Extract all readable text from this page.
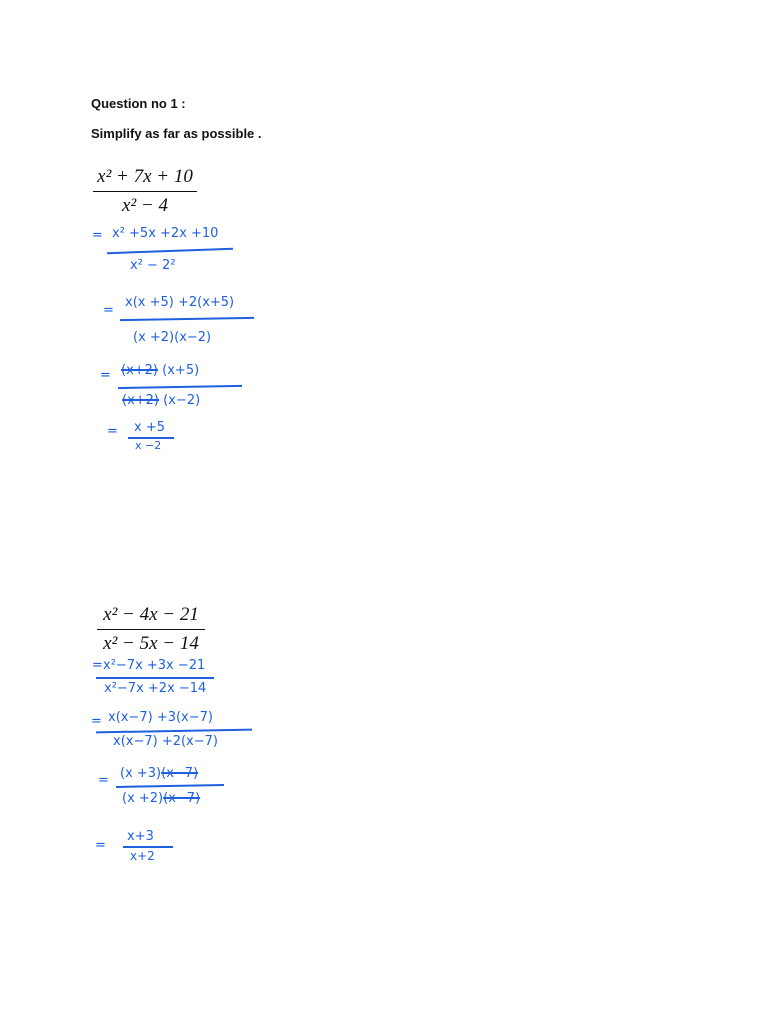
Question no 1 :
Simplify as far as possible .
x² + 7x + 10
x² − 4
= x² +5x +2x +10
x² − 2²
=
x(x +5) +2(x+5)
(x +2)(x−2)
= (x+2) (x+5)
(x+2) (x−2)
= x +5
x −2
x² − 4x − 21
x² − 5x − 14
= x²−7x +3x −21
x²−7x +2x −14
= x(x−7) +3(x−7)
x(x−7) +2(x−7)
= (x +3)(x−7)
(x +2)(x−7)
=
x+3
x+2
